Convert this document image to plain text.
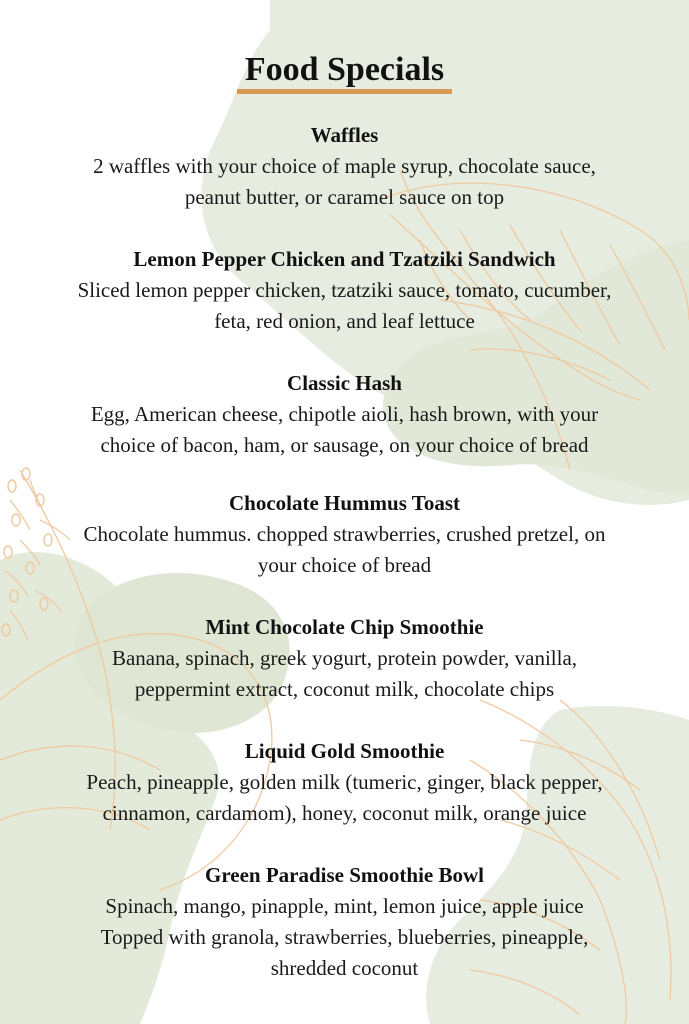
Food Specials

Waffles

2 waffles with your choice of maple syrup, chocolate sauce,

peanut butter, or caramel sauce on top

Lemon Pepper Chicken and Tzatziki Sandwich

Sliced lemon pepper chicken, tzatziki sauce, tomato, cucumber,

feta, red onion, and leaf lettuce

Classic Hash

Egg, American cheese, chipotle aioli, hash brown, with your

choice of bacon, ham, or sausage, on your choice of bread

Chocolate Hummus Toast

Chocolate hummus. chopped strawberries, crushed pretzel, on

your choice of bread

Mint Chocolate Chip Smoothie

Banana, spinach, greek yogurt, protein powder, vanilla,

peppermint extract, coconut milk, chocolate chips

Liquid Gold Smoothie

Peach, pineapple, golden milk (tumeric, ginger, black pepper,

cinnamon, cardamom), honey, coconut milk, orange juice

Green Paradise Smoothie Bowl

Spinach, mango, pinapple, mint, lemon juice, apple juice

Topped with granola, strawberries, blueberries, pineapple,

shredded coconut
